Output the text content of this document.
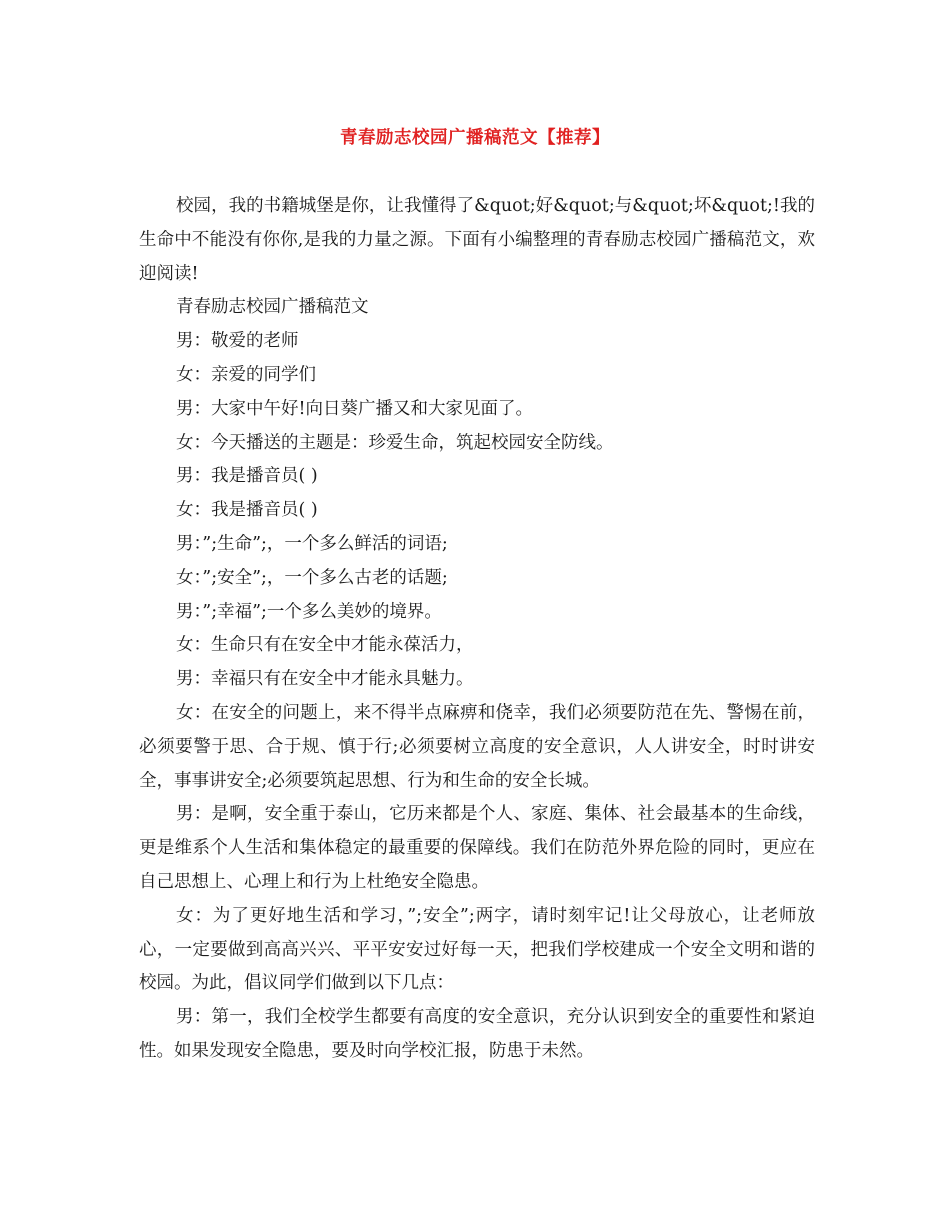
青春励志校园广播稿范文【推荐】

校园，我的书籍城堡是你，让我懂得了&quot;好&quot;与&quot;坏&quot;!我的生命中不能没有你你,是我的力量之源。下面有小编整理的青春励志校园广播稿范文，欢迎阅读!

青春励志校园广播稿范文

男：敬爱的老师

女：亲爱的同学们

男：大家中午好!向日葵广播又和大家见面了。

女：今天播送的主题是：珍爱生命，筑起校园安全防线。

男：我是播音员( )

女：我是播音员( )

男：”;生命”;，一个多么鲜活的词语;

女：”;安全”;，一个多么古老的话题;

男：”;幸福”;一个多么美妙的境界。

女：生命只有在安全中才能永葆活力，

男：幸福只有在安全中才能永具魅力。

女：在安全的问题上，来不得半点麻痹和侥幸，我们必须要防范在先、警惕在前，必须要警于思、合于规、慎于行;必须要树立高度的安全意识，人人讲安全，时时讲安全，事事讲安全;必须要筑起思想、行为和生命的安全长城。

男：是啊，安全重于泰山，它历来都是个人、家庭、集体、社会最基本的生命线，更是维系个人生活和集体稳定的最重要的保障线。我们在防范外界危险的同时，更应在自己思想上、心理上和行为上杜绝安全隐患。

女：为了更好地生活和学习，”;安全”;两字，请时刻牢记!让父母放心，让老师放心，一定要做到高高兴兴、平平安安过好每一天，把我们学校建成一个安全文明和谐的校园。为此，倡议同学们做到以下几点：

男：第一，我们全校学生都要有高度的安全意识，充分认识到安全的重要性和紧迫性。如果发现安全隐患，要及时向学校汇报，防患于未然。
